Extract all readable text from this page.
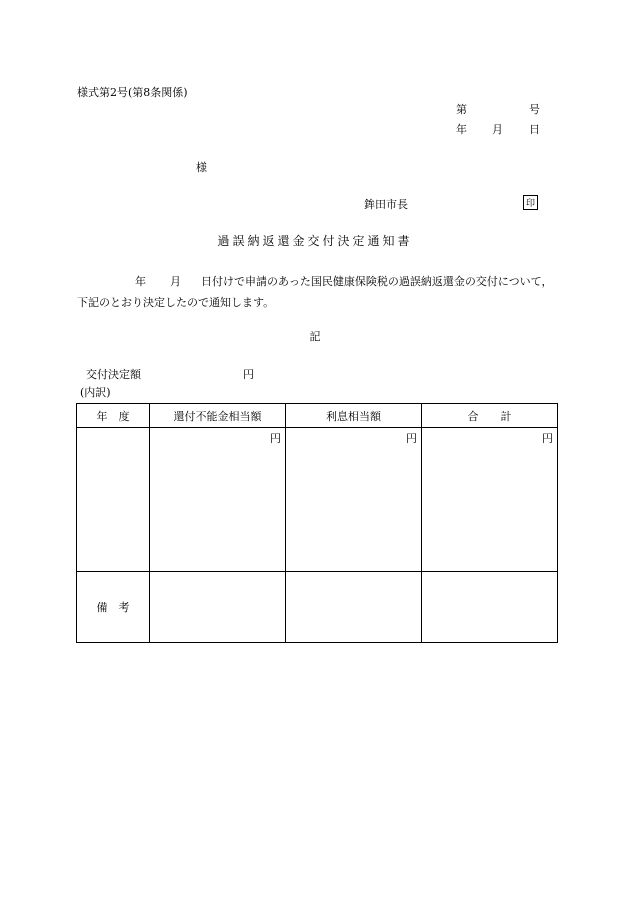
様式第2号(第8条関係)
第	号
年 月 日
様
鉾田市長	印
過誤納返還金交付決定通知書
年 月 日付けで申請のあった国民健康保険税の過誤納返還金の交付について，下記のとおり決定したので通知します。
記
交付決定額	円
(内訳)
年　度	還付不能金相当額	利息相当額	合　　計
	円	円	円
備　考			
